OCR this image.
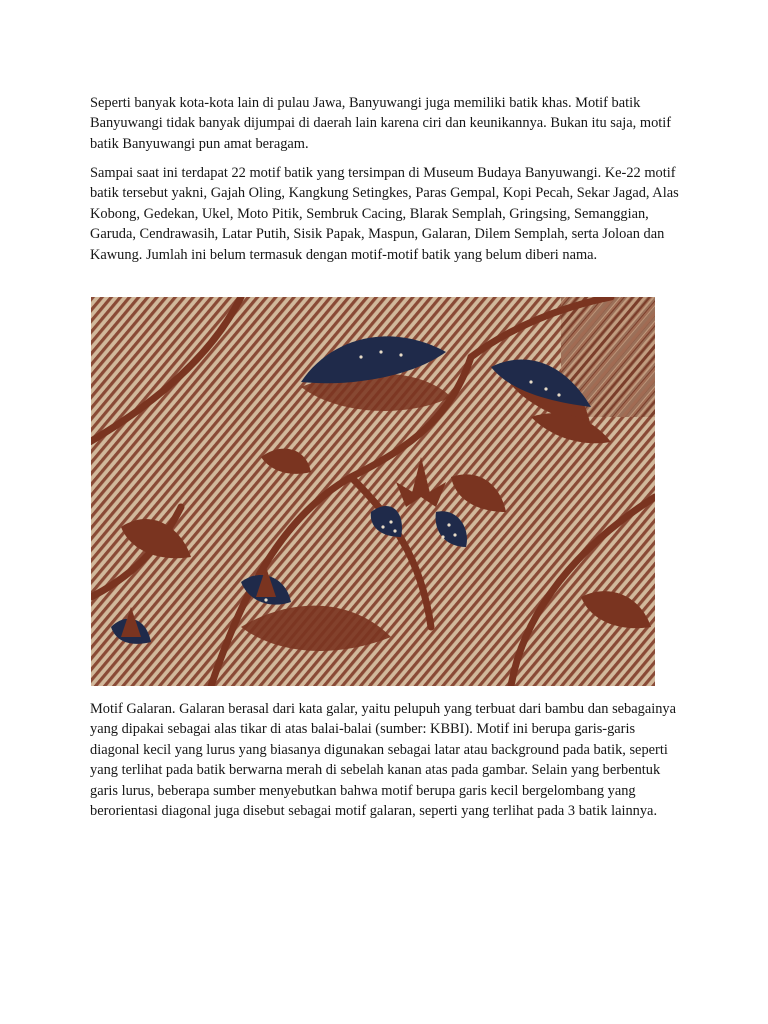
Seperti banyak kota-kota lain di pulau Jawa, Banyuwangi juga memiliki batik khas. Motif batik Banyuwangi tidak banyak dijumpai di daerah lain karena ciri dan keunikannya. Bukan itu saja, motif batik Banyuwangi pun amat beragam.

Sampai saat ini terdapat 22 motif batik yang tersimpan di Museum Budaya Banyuwangi. Ke-22 motif batik tersebut yakni, Gajah Oling, Kangkung Setingkes, Paras Gempal, Kopi Pecah, Sekar Jagad, Alas Kobong, Gedekan, Ukel, Moto Pitik, Sembruk Cacing, Blarak Semplah, Gringsing, Semanggian, Garuda, Cendrawasih, Latar Putih, Sisik Papak, Maspun, Galaran, Dilem Semplah, serta Joloan dan Kawung. Jumlah ini belum termasuk dengan motif-motif batik yang belum diberi nama.

Motif Galaran. Galaran berasal dari kata galar, yaitu pelupuh yang terbuat dari bambu dan sebagainya yang dipakai sebagai alas tikar di atas balai-balai (sumber: KBBI). Motif ini berupa garis-garis diagonal kecil yang lurus yang biasanya digunakan sebagai latar atau background pada batik, seperti yang terlihat pada batik berwarna merah di sebelah kanan atas pada gambar. Selain yang berbentuk garis lurus, beberapa sumber menyebutkan bahwa motif berupa garis kecil bergelombang yang berorientasi diagonal juga disebut sebagai motif galaran, seperti yang terlihat pada 3 batik lainnya.
